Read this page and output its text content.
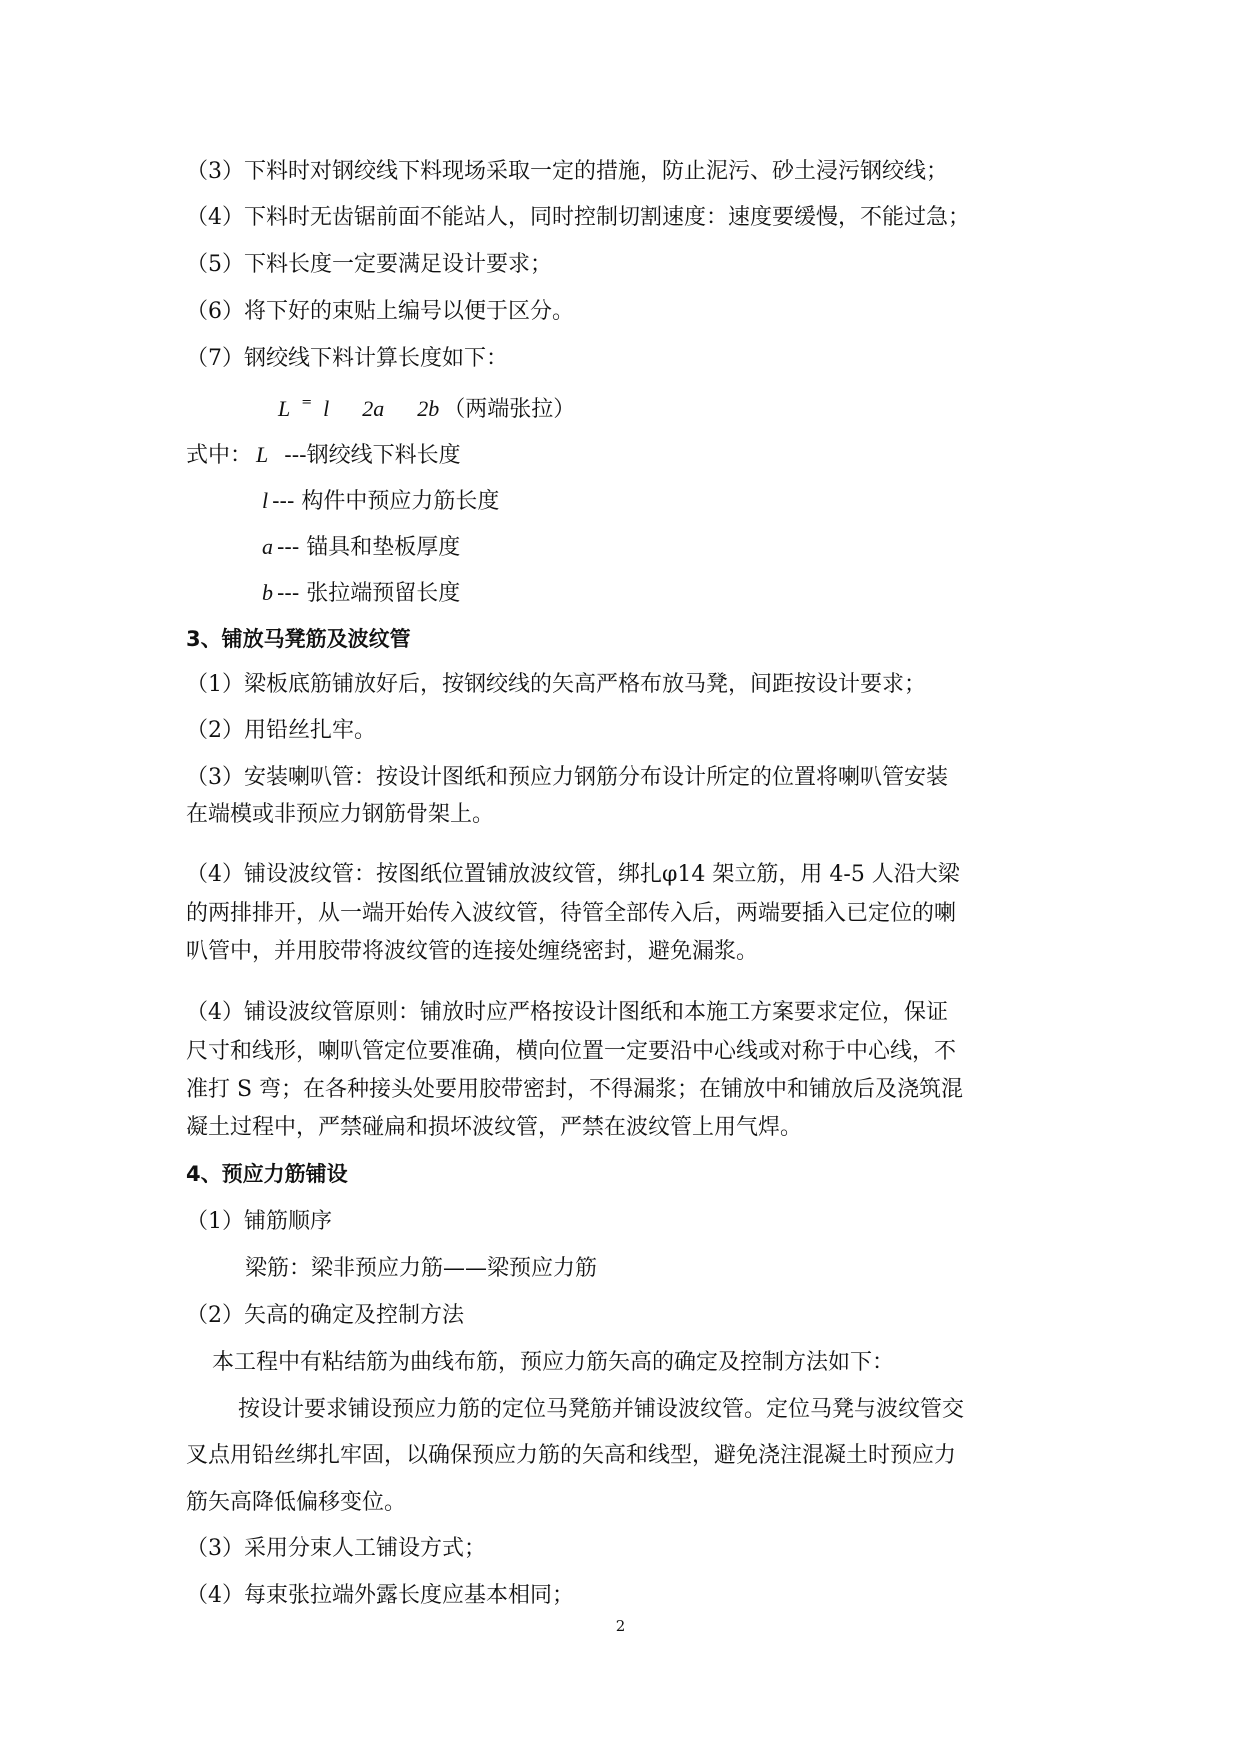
（3）下料时对钢绞线下料现场采取一定的措施，防止泥污、砂土浸污钢绞线；
（4）下料时无齿锯前面不能站人，同时控制切割速度：速度要缓慢，不能过急；
（5）下料长度一定要满足设计要求；
（6）将下好的束贴上编号以便于区分。
（7）钢绞线下料计算长度如下：
L = l 2a 2b （两端张拉）
式中： L ---钢绞线下料长度
l --- 构件中预应力筋长度
a --- 锚具和垫板厚度
b --- 张拉端预留长度
3、铺放马凳筋及波纹管
（1）梁板底筋铺放好后，按钢绞线的矢高严格布放马凳，间距按设计要求；
（2）用铅丝扎牢。
（3）安装喇叭管：按设计图纸和预应力钢筋分布设计所定的位置将喇叭管安装
在端模或非预应力钢筋骨架上。
（4）铺设波纹管：按图纸位置铺放波纹管，绑扎φ14 架立筋，用 4-5 人沿大梁
的两排排开，从一端开始传入波纹管，待管全部传入后，两端要插入已定位的喇
叭管中，并用胶带将波纹管的连接处缠绕密封，避免漏浆。
（4）铺设波纹管原则：铺放时应严格按设计图纸和本施工方案要求定位，保证
尺寸和线形，喇叭管定位要准确，横向位置一定要沿中心线或对称于中心线，不
准打 S 弯；在各种接头处要用胶带密封，不得漏浆；在铺放中和铺放后及浇筑混
凝土过程中，严禁碰扁和损坏波纹管，严禁在波纹管上用气焊。
4、预应力筋铺设
（1）铺筋顺序
梁筋：梁非预应力筋——梁预应力筋
（2）矢高的确定及控制方法
本工程中有粘结筋为曲线布筋，预应力筋矢高的确定及控制方法如下：
按设计要求铺设预应力筋的定位马凳筋并铺设波纹管。定位马凳与波纹管交
叉点用铅丝绑扎牢固，以确保预应力筋的矢高和线型，避免浇注混凝土时预应力
筋矢高降低偏移变位。
（3）采用分束人工铺设方式；
（4）每束张拉端外露长度应基本相同；
2
